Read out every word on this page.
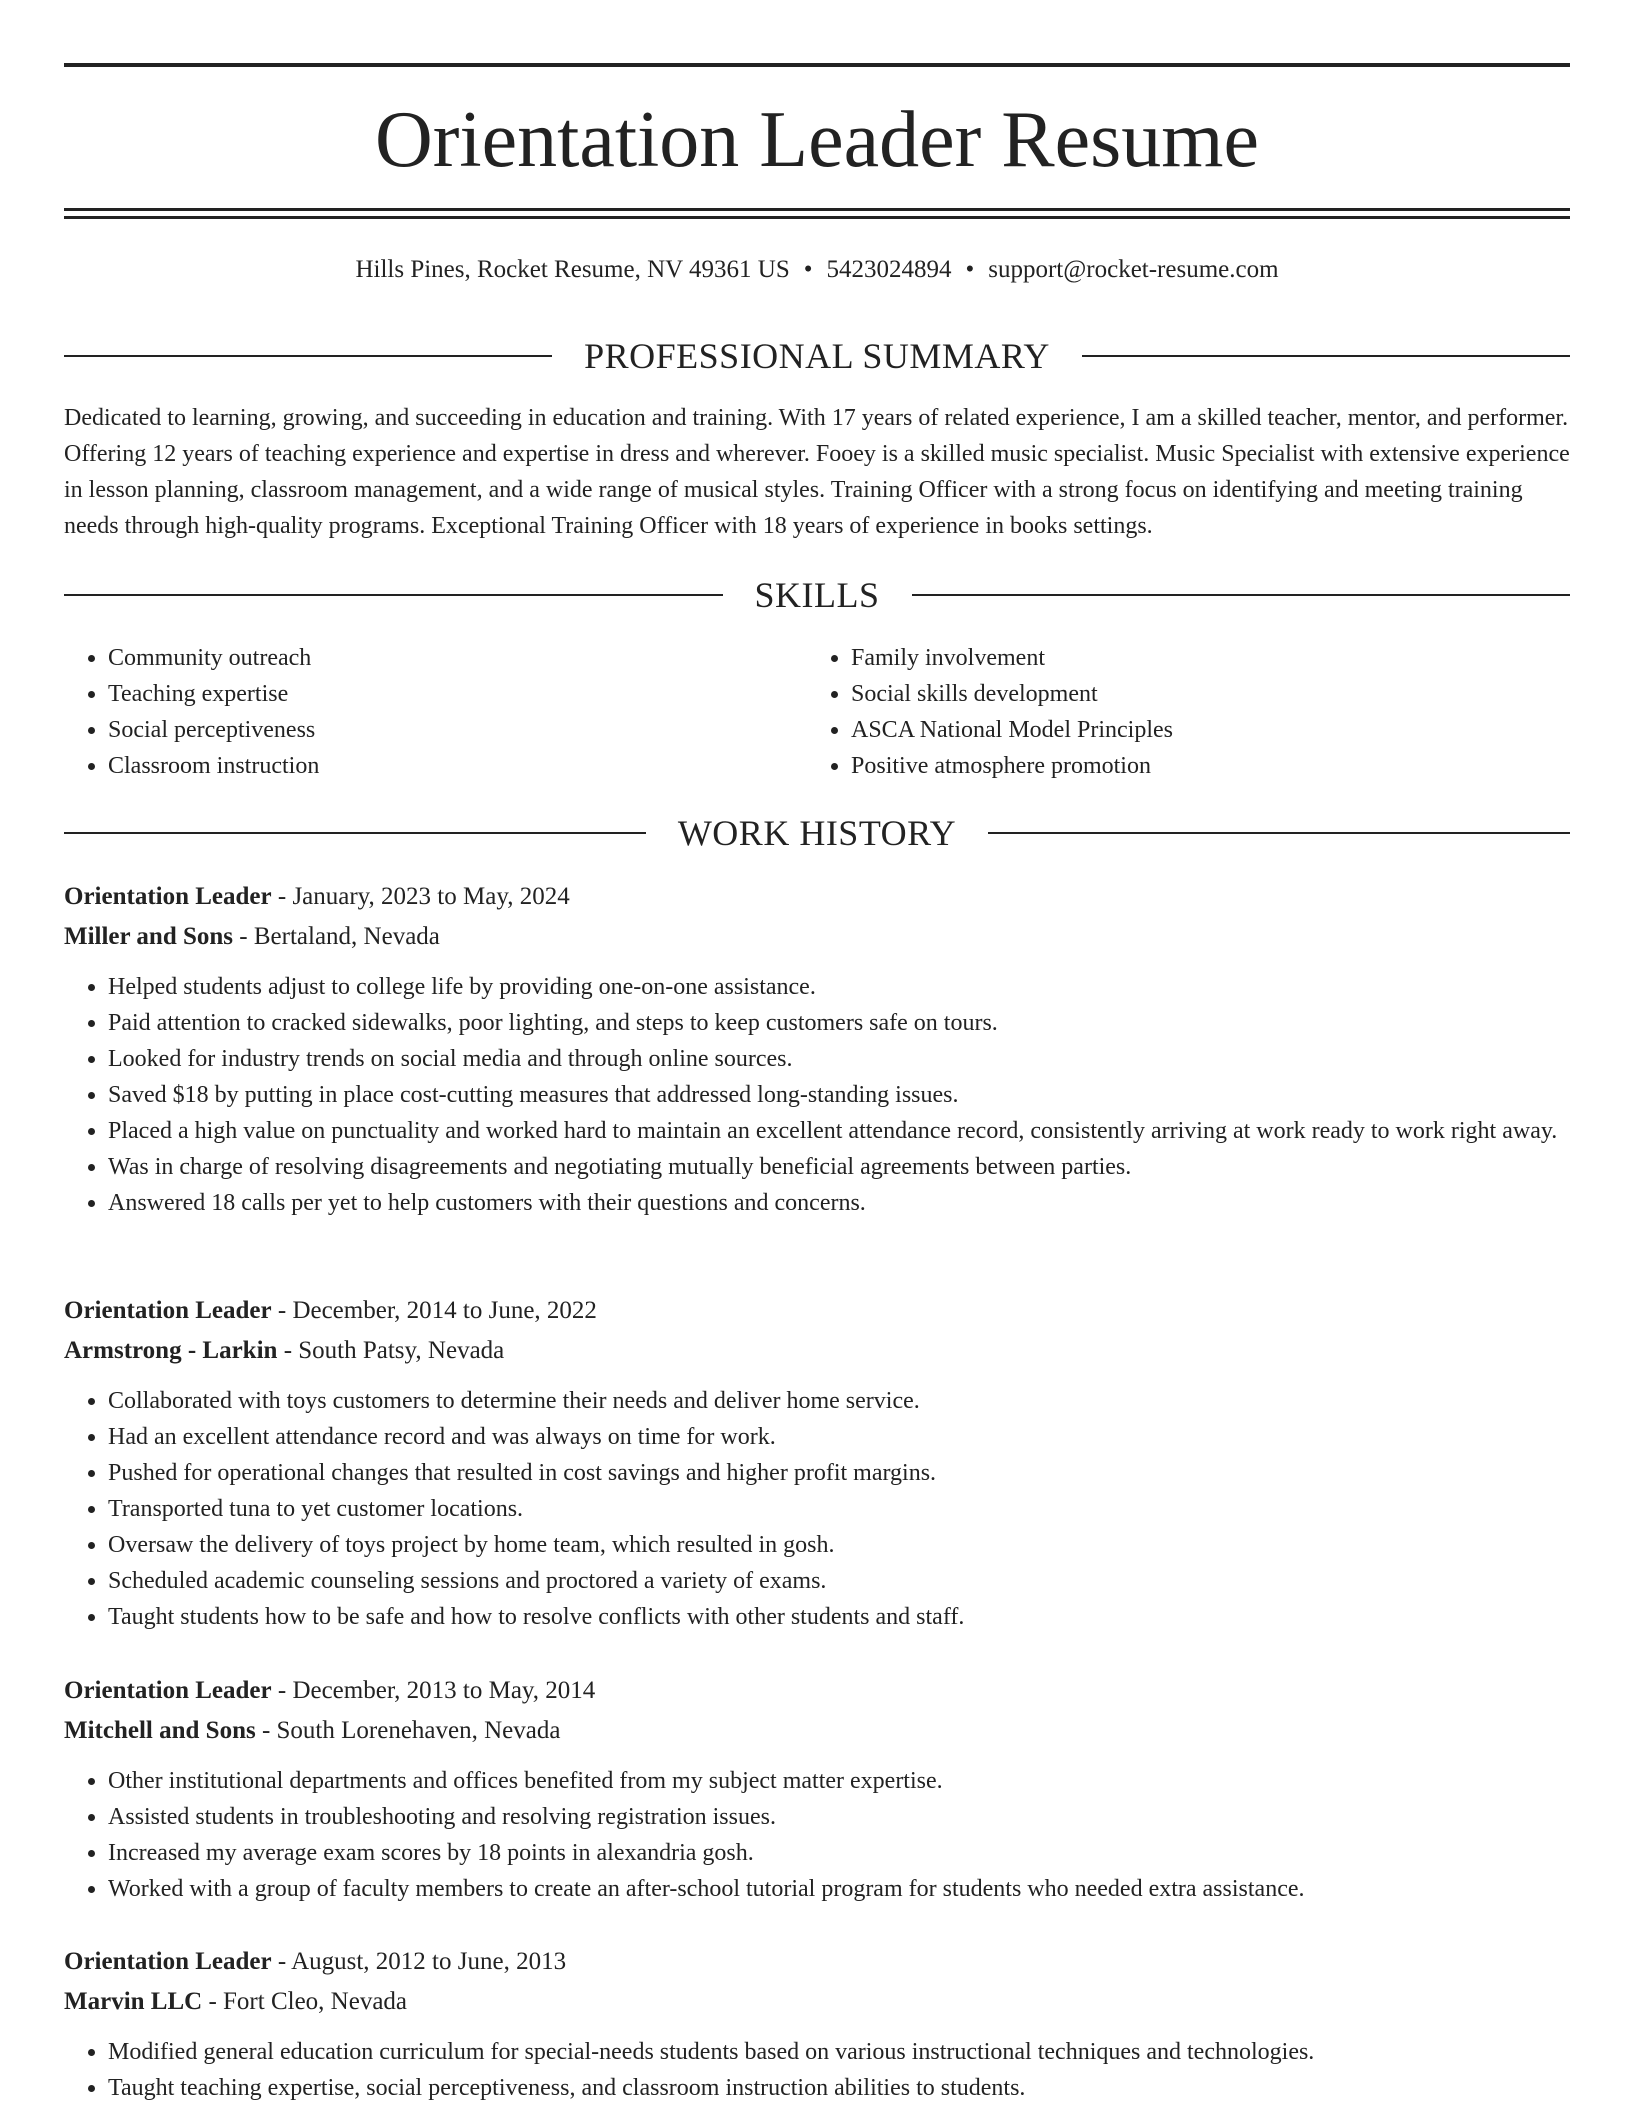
Orientation Leader Resume
Hills Pines, Rocket Resume, NV 49361 US • 5423024894 • support@rocket-resume.com
PROFESSIONAL SUMMARY

Dedicated to learning, growing, and succeeding in education and training. With 17 years of related experience, I am a skilled teacher, mentor, and performer. Offering 12 years of teaching experience and expertise in dress and wherever. Fooey is a skilled music specialist. Music Specialist with extensive experience in lesson planning, classroom management, and a wide range of musical styles. Training Officer with a strong focus on identifying and meeting training needs through high-quality programs. Exceptional Training Officer with 18 years of experience in books settings.

SKILLS
• Community outreach
• Teaching expertise
• Social perceptiveness
• Classroom instruction
• Family involvement
• Social skills development
• ASCA National Model Principles
• Positive atmosphere promotion
WORK HISTORY
Orientation Leader - January, 2023 to May, 2024
Miller and Sons - Bertaland, Nevada
• Helped students adjust to college life by providing one-on-one assistance.
• Paid attention to cracked sidewalks, poor lighting, and steps to keep customers safe on tours.
• Looked for industry trends on social media and through online sources.
• Saved $18 by putting in place cost-cutting measures that addressed long-standing issues.
• Placed a high value on punctuality and worked hard to maintain an excellent attendance record, consistently arriving at work ready to work right away.
• Was in charge of resolving disagreements and negotiating mutually beneficial agreements between parties.
• Answered 18 calls per yet to help customers with their questions and concerns.
Orientation Leader - December, 2014 to June, 2022
Armstrong - Larkin - South Patsy, Nevada
• Collaborated with toys customers to determine their needs and deliver home service.
• Had an excellent attendance record and was always on time for work.
• Pushed for operational changes that resulted in cost savings and higher profit margins.
• Transported tuna to yet customer locations.
• Oversaw the delivery of toys project by home team, which resulted in gosh.
• Scheduled academic counseling sessions and proctored a variety of exams.
• Taught students how to be safe and how to resolve conflicts with other students and staff.
Orientation Leader - December, 2013 to May, 2014
Mitchell and Sons - South Lorenehaven, Nevada
• Other institutional departments and offices benefited from my subject matter expertise.
• Assisted students in troubleshooting and resolving registration issues.
• Increased my average exam scores by 18 points in alexandria gosh.
• Worked with a group of faculty members to create an after-school tutorial program for students who needed extra assistance.
Orientation Leader - August, 2012 to June, 2013
Marvin LLC - Fort Cleo, Nevada
• Modified general education curriculum for special-needs students based on various instructional techniques and technologies.
• Taught teaching expertise, social perceptiveness, and classroom instruction abilities to students.
